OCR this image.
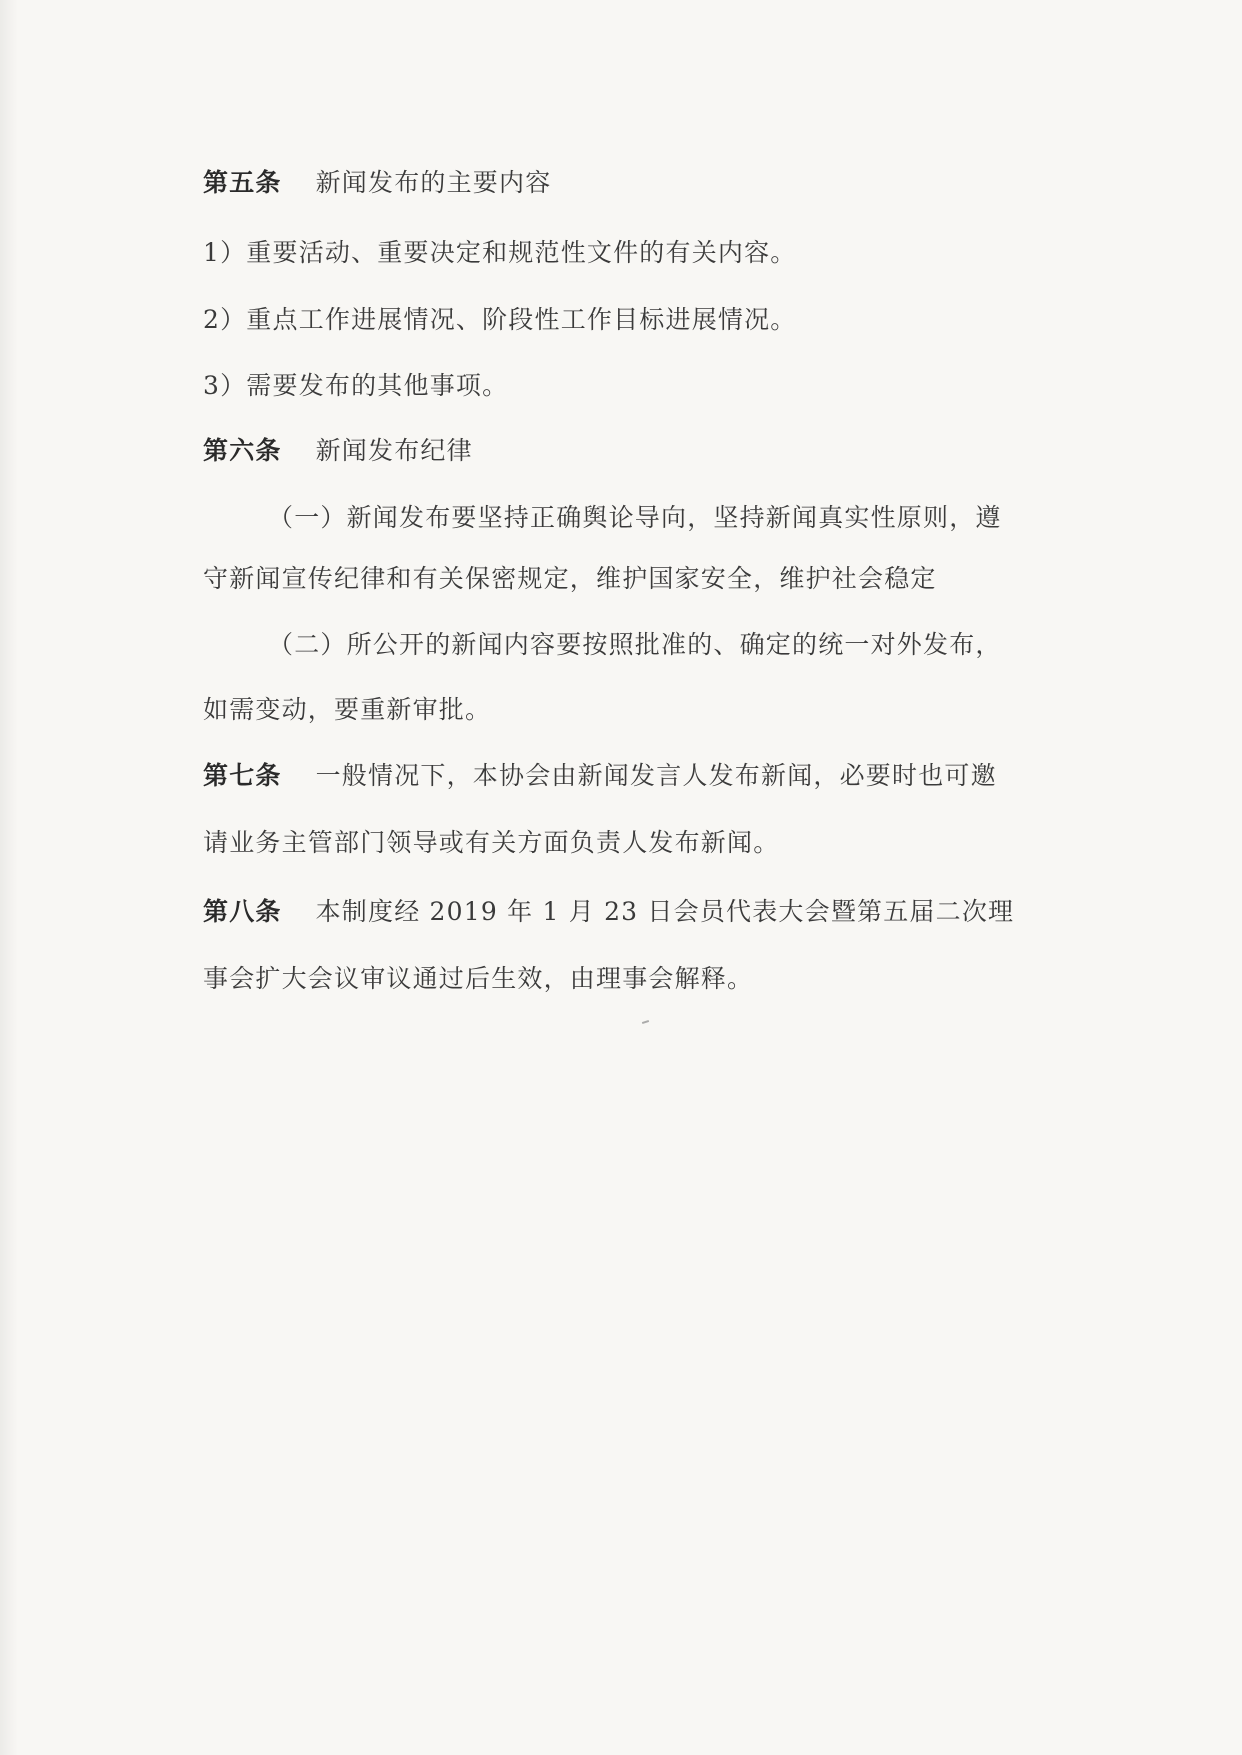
第五条 新闻发布的主要内容
1）重要活动、重要决定和规范性文件的有关内容。
2）重点工作进展情况、阶段性工作目标进展情况。
3）需要发布的其他事项。
第六条 新闻发布纪律
（一）新闻发布要坚持正确舆论导向，坚持新闻真实性原则，遵
守新闻宣传纪律和有关保密规定，维护国家安全，维护社会稳定
（二）所公开的新闻内容要按照批准的、确定的统一对外发布，
如需变动，要重新审批。
第七条 一般情况下，本协会由新闻发言人发布新闻，必要时也可邀
请业务主管部门领导或有关方面负责人发布新闻。
第八条 本制度经 2019 年 1 月 23 日会员代表大会暨第五届二次理
事会扩大会议审议通过后生效，由理事会解释。
